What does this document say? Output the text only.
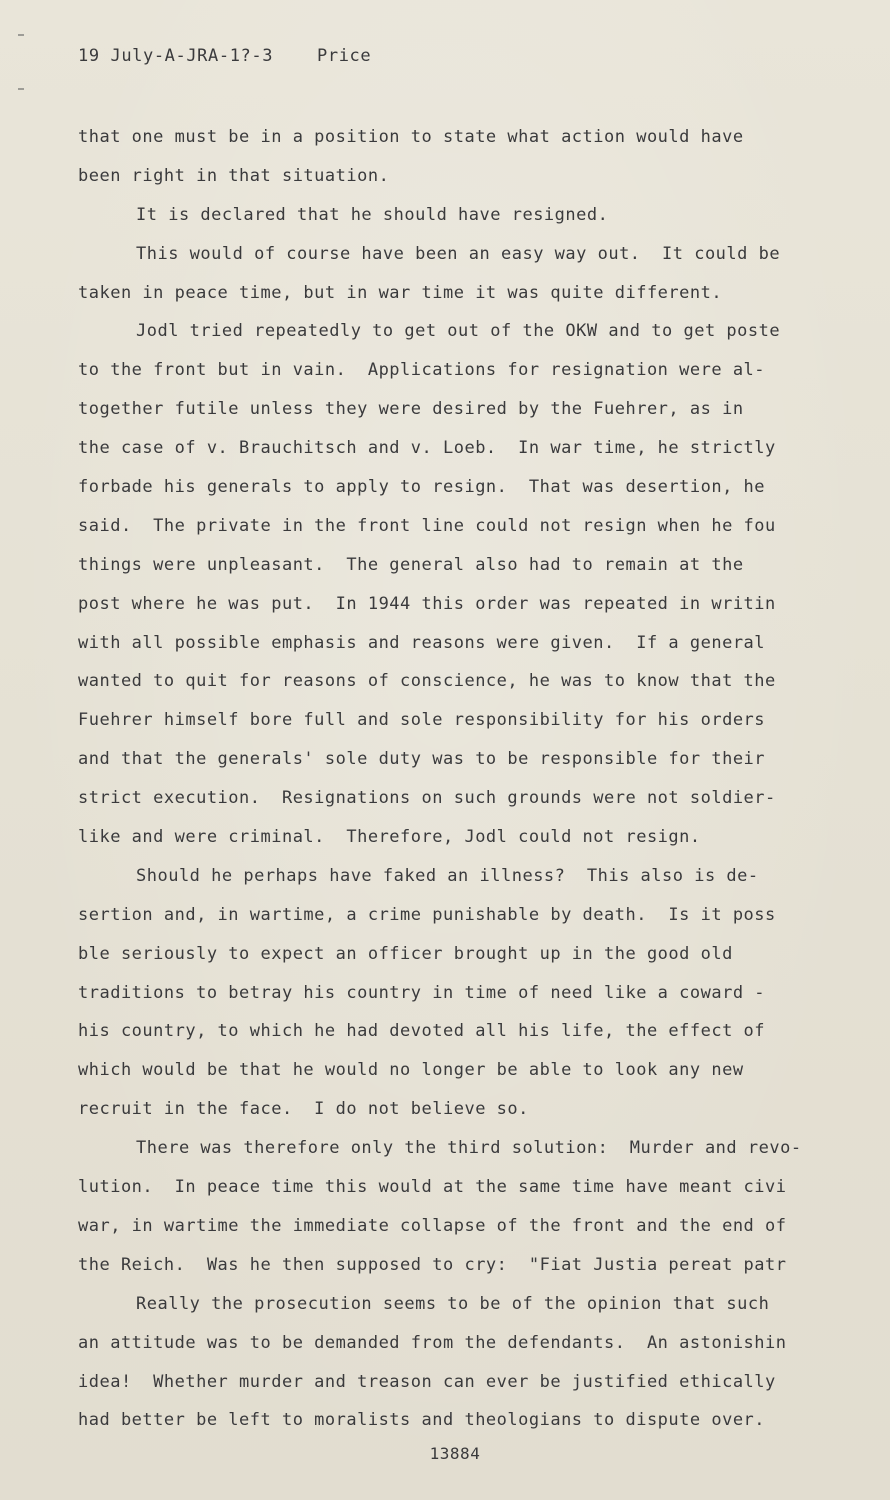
19 July-A-JRA-1?-3	Price
that one must be in a position to state what action would have
been right in that situation.
It is declared that he should have resigned.
This would of course have been an easy way out.  It could be
taken in peace time, but in war time it was quite different.
Jodl tried repeatedly to get out of the OKW and to get poste
to the front but in vain.  Applications for resignation were al-
together futile unless they were desired by the Fuehrer, as in
the case of v. Brauchitsch and v. Loeb.  In war time, he strictly
forbade his generals to apply to resign.  That was desertion, he
said.  The private in the front line could not resign when he fou
things were unpleasant.  The general also had to remain at the
post where he was put.  In 1944 this order was repeated in writin
with all possible emphasis and reasons were given.  If a general
wanted to quit for reasons of conscience, he was to know that the
Fuehrer himself bore full and sole responsibility for his orders
and that the generals' sole duty was to be responsible for their
strict execution.  Resignations on such grounds were not soldier-
like and were criminal.  Therefore, Jodl could not resign.
Should he perhaps have faked an illness?  This also is de-
sertion and, in wartime, a crime punishable by death.  Is it poss
ble seriously to expect an officer brought up in the good old
traditions to betray his country in time of need like a coward -
his country, to which he had devoted all his life, the effect of
which would be that he would no longer be able to look any new
recruit in the face.  I do not believe so.
There was therefore only the third solution:  Murder and revo-
lution.  In peace time this would at the same time have meant civi
war, in wartime the immediate collapse of the front and the end of
the Reich.  Was he then supposed to cry:  "Fiat Justia pereat patr
Really the prosecution seems to be of the opinion that such
an attitude was to be demanded from the defendants.  An astonishin
idea!  Whether murder and treason can ever be justified ethically
had better be left to moralists and theologians to dispute over.
13884
